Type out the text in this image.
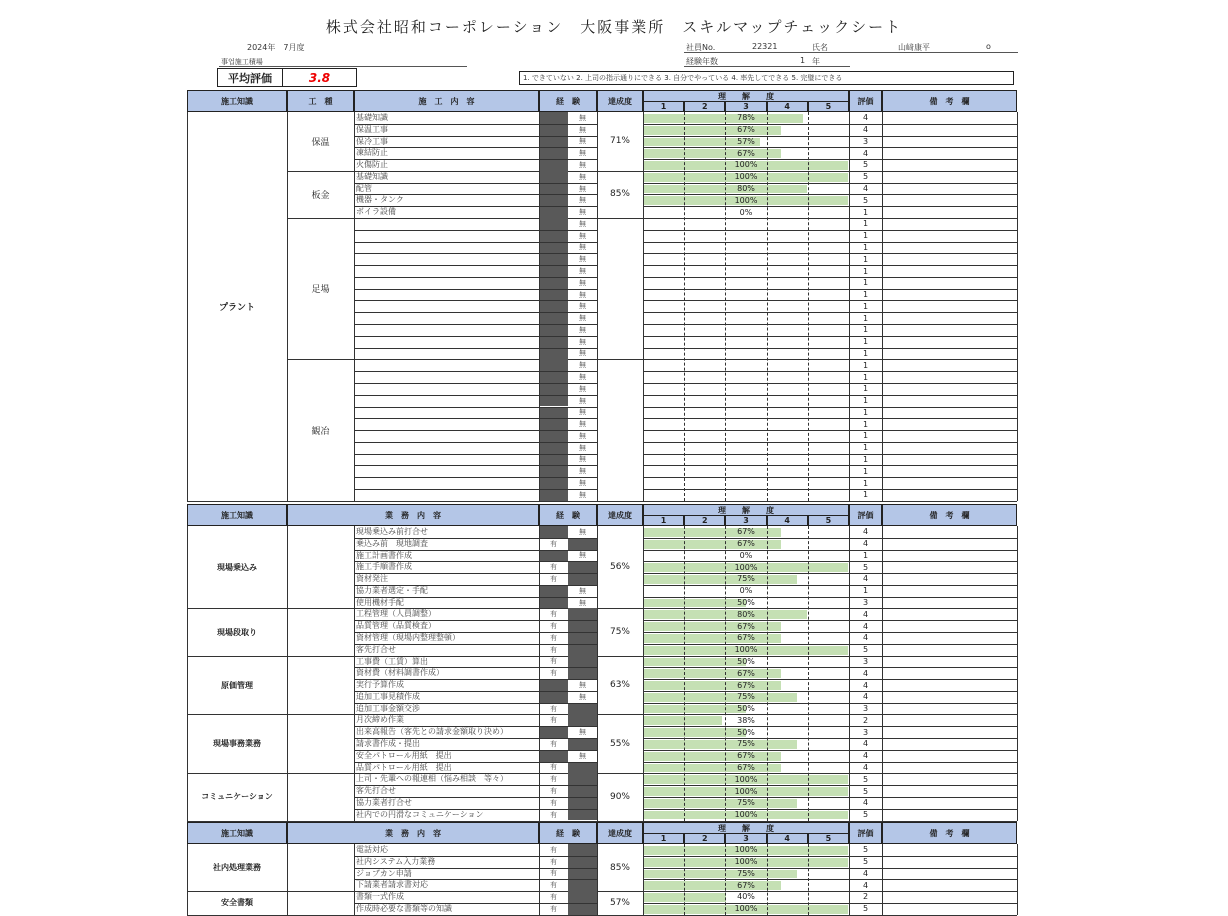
株式会社昭和コーポレーション　大阪事業所　スキルマップチェックシート
2024年　7月度
事업施工積場
社員No.	22321	氏名	山﨑康平	ο
経験年数	1 年
平均評価	3.8	1. できていない 2. 上司の指示通りにできる 3. 自分でやっている 4. 率先してできる 5. 完璧にできる
施工知識	工　種	施　工　内　容	経　験	達成度
理　　解　　度
1	2	3	4	5
評価	備　考　欄
保温	71%
基礎知識	無	78%	4
保温工事	無	67%	4
保冷工事	無	57%	3
凍結防止	無	67%	4
火傷防止	無	100%	5
板金	85%
基礎知識	無	100%	5
配管	無	80%	4
機器・タンク	無	100%	5
ボイラ設備	無	0%	1
足場
無	1
無	1
無	1
無	1
無	1
無	1
無	1
無	1
無	1
無	1
無	1
無	1
観冶
無	1
無	1
無	1
無	1
無	1
無	1
無	1
無	1
無	1
無	1
無	1
無	1
プラント
施工知識	業　務　内　容	経　験	達成度
理　　解　　度
1	2	3	4	5
評価	備　考　欄
現場乗込み	56%
現場乗込み前打合せ	無	67%	4
乗込み前　現地調査	有	67%	4
施工計画書作成	無	0%	1
施工手順書作成	有	100%	5
資材発注	有	75%	4
協力業者選定・手配	無	0%	1
使用機材手配	無	50%	3
現場段取り	75%
工程管理（人員調整）	有	80%	4
品質管理（品質検査）	有	67%	4
資材管理（現場内整理整頓）	有	67%	4
客先打合せ	有	100%	5
原価管理	63%
工事費（工賃）算出	有	50%	3
資材費（材料調書作成）	有	67%	4
実行予算作成	無	67%	4
追加工事見積作成	無	75%	4
追加工事金額交渉	有	50%	3
現場事務業務	55%
月次締め作業	有	38%	2
出来高報告（客先との請求金額取り決め）	無	50%	3
請求書作成・提出	有	75%	4
安全パトロール用紙　提出	無	67%	4
品質パトロール用紙　提出	有	67%	4
コミュニケーション	90%
上司・先輩への報連相（悩み相談　等々）	有	100%	5
客先打合せ	有	100%	5
協力業者打合せ	有	75%	4
社内での円滑なコミュニケーション	有	100%	5
施工知識	業　務　内　容	経　験	達成度
理　　解　　度
1	2	3	4	5
評価	備　考　欄
社内処理業務	85%
電話対応	有	100%	5
社内システム入力業務	有	100%	5
ジョブカン申請	有	75%	4
下請業者請求書対応	有	67%	4
安全書類	57%
書類一式作成	有	40%	2
作成時必要な書類等の知識	有	100%	5
